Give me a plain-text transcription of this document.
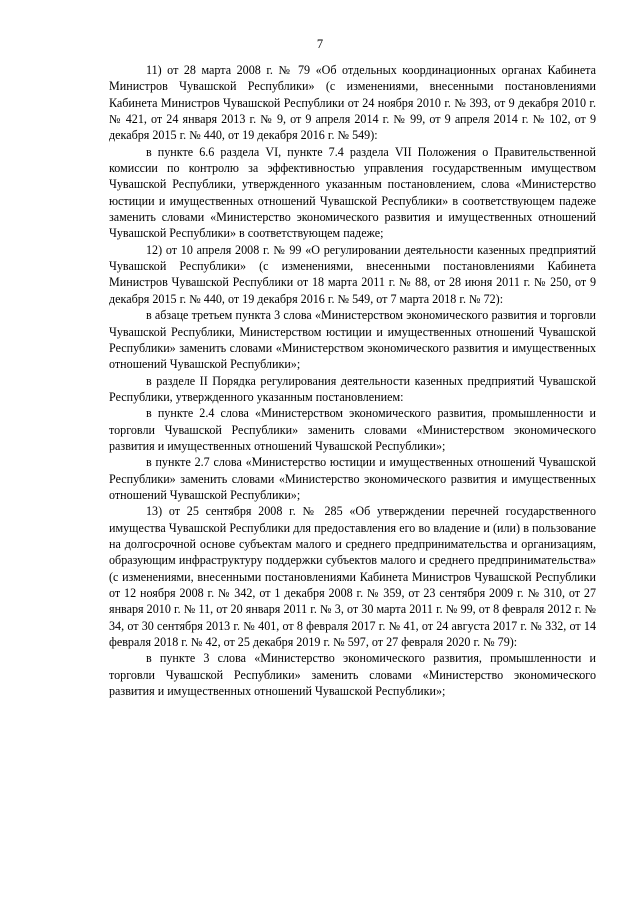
7

11) от 28 марта 2008 г. № 79 «Об отдельных координационных органах Кабинета Министров Чувашской Республики» (с изменениями, внесенными постановлениями Кабинета Министров Чувашской Республики от 24 ноября 2010 г. № 393, от 9 декабря 2010 г. № 421, от 24 января 2013 г. № 9, от 9 апреля 2014 г. № 99, от 9 апреля 2014 г. № 102, от 9 декабря 2015 г. № 440, от 19 декабря 2016 г. № 549):

в пункте 6.6 раздела VI, пункте 7.4 раздела VII Положения о Правительственной комиссии по контролю за эффективностью управления государственным имуществом Чувашской Республики, утвержденного указанным постановлением, слова «Министерство юстиции и имущественных отношений Чувашской Республики» в соответствующем падеже заменить словами «Министерство экономического развития и имущественных отношений Чувашской Республики» в соответствующем падеже;

12) от 10 апреля 2008 г. № 99 «О регулировании деятельности казенных предприятий Чувашской Республики» (с изменениями, внесенными постановлениями Кабинета Министров Чувашской Республики от 18 марта 2011 г. № 88, от 28 июня 2011 г. № 250, от 9 декабря 2015 г. № 440, от 19 декабря 2016 г. № 549, от 7 марта 2018 г. № 72):

в абзаце третьем пункта 3 слова «Министерством экономического развития и торговли Чувашской Республики, Министерством юстиции и имущественных отношений Чувашской Республики» заменить словами «Министерством экономического развития и имущественных отношений Чувашской Республики»;

в разделе II Порядка регулирования деятельности казенных предприятий Чувашской Республики, утвержденного указанным постановлением:

в пункте 2.4 слова «Министерством экономического развития, промышленности и торговли Чувашской Республики» заменить словами «Министерством экономического развития и имущественных отношений Чувашской Республики»;

в пункте 2.7 слова «Министерство юстиции и имущественных отношений Чувашской Республики» заменить словами «Министерство экономического развития и имущественных отношений Чувашской Республики»;

13) от 25 сентября 2008 г. № 285 «Об утверждении перечней государственного имущества Чувашской Республики для предоставления его во владение и (или) в пользование на долгосрочной основе субъектам малого и среднего предпринимательства и организациям, образующим инфраструктуру поддержки субъектов малого и среднего предпринимательства» (с изменениями, внесенными постановлениями Кабинета Министров Чувашской Республики от 12 ноября 2008 г. № 342, от 1 декабря 2008 г. № 359, от 23 сентября 2009 г. № 310, от 27 января 2010 г. № 11, от 20 января 2011 г. № 3, от 30 марта 2011 г. № 99, от 8 февраля 2012 г. № 34, от 30 сентября 2013 г. № 401, от 8 февраля 2017 г. № 41, от 24 августа 2017 г. № 332, от 14 февраля 2018 г. № 42, от 25 декабря 2019 г. № 597, от 27 февраля 2020 г. № 79):

в пункте 3 слова «Министерство экономического развития, промышленности и торговли Чувашской Республики» заменить словами «Министерство экономического развития и имущественных отношений Чувашской Республики»;
